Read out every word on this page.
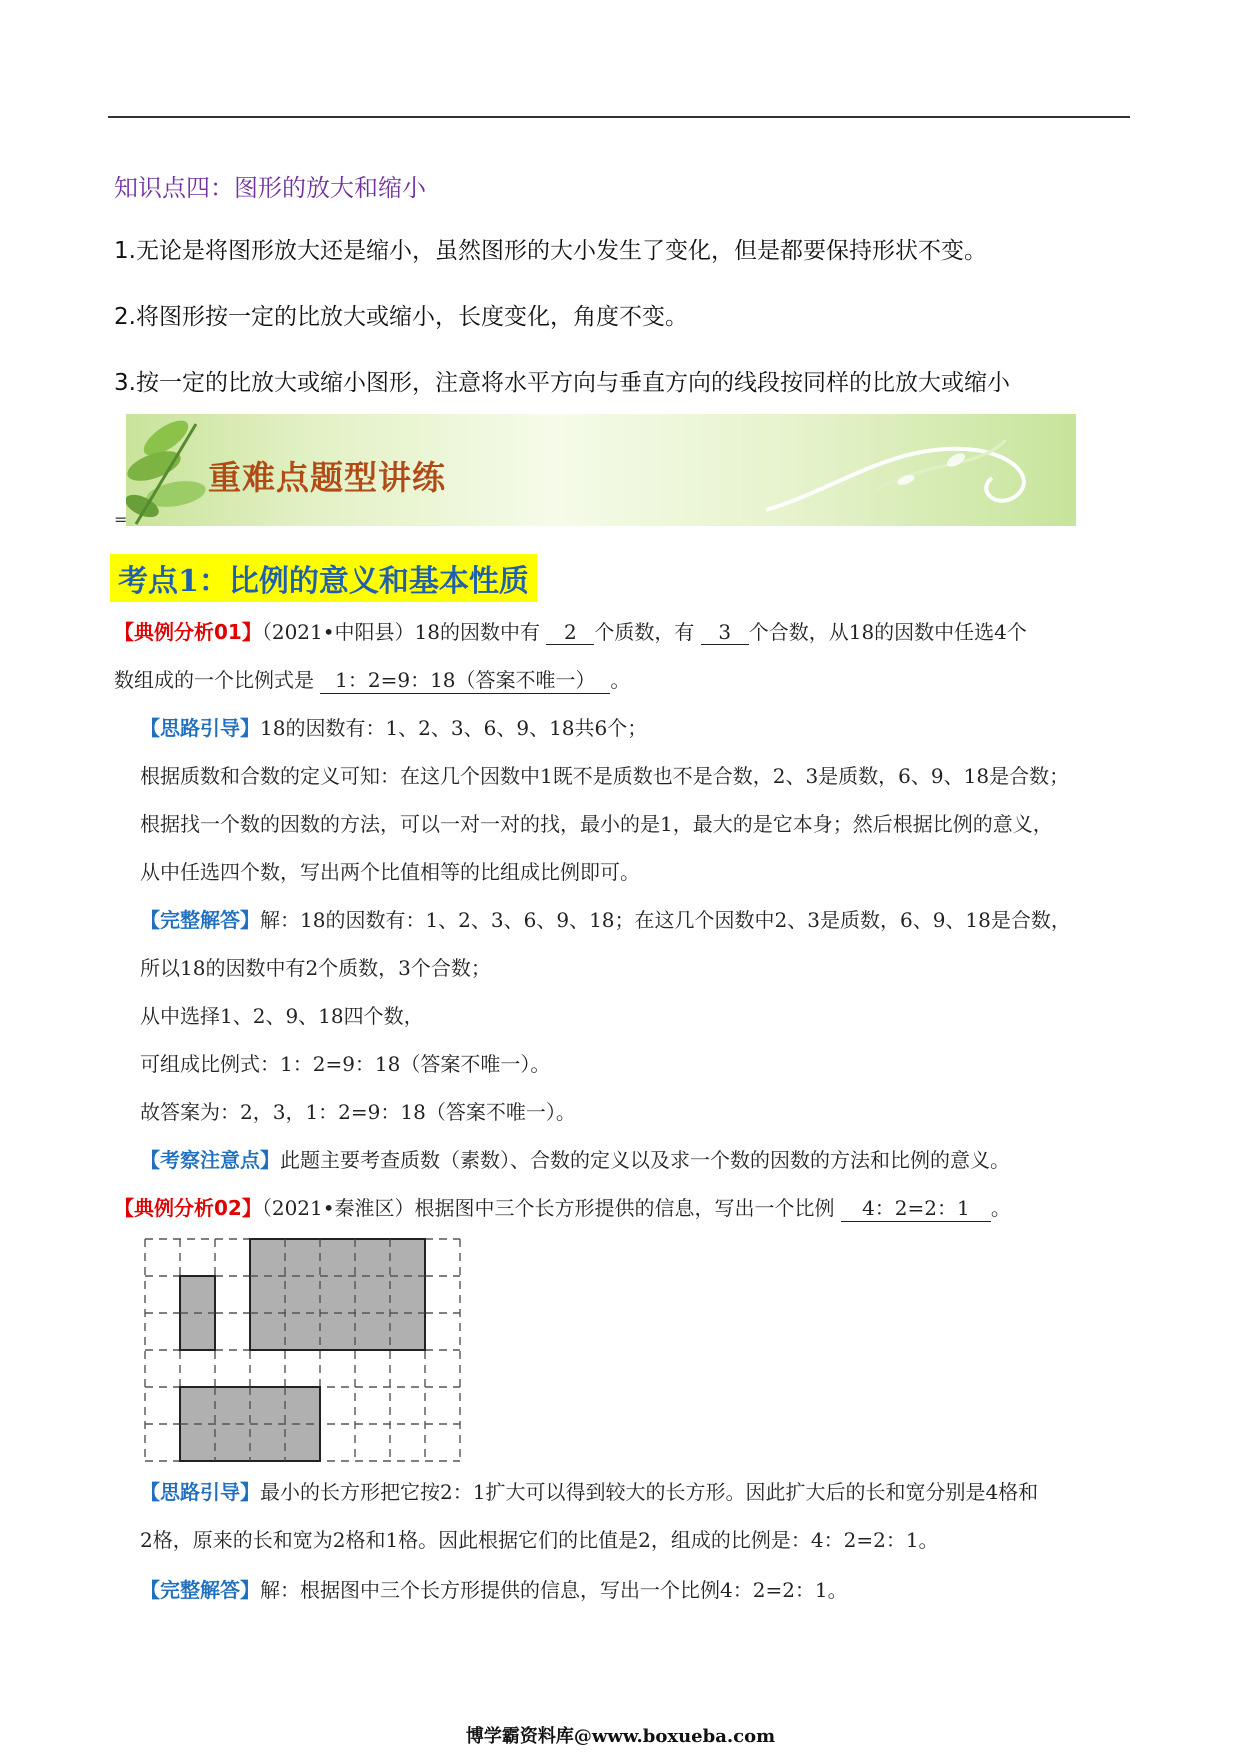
知识点四：图形的放大和缩小
1.无论是将图形放大还是缩小，虽然图形的大小发生了变化，但是都要保持形状不变。
2.将图形按一定的比放大或缩小，长度变化，角度不变。
3.按一定的比放大或缩小图形，注意将水平方向与垂直方向的线段按同样的比放大或缩小
重难点题型讲练
=
考点1：比例的意义和基本性质
【典例分析01】（2021•中阳县）18的因数中有 2 个质数，有 3 个合数，从18的因数中任选4个
数组成的一个比例式是 1：2=9：18（答案不唯一） 。
【思路引导】18的因数有：1、2、3、6、9、18共6个；
根据质数和合数的定义可知：在这几个因数中1既不是质数也不是合数，2、3是质数，6、9、18是合数；
根据找一个数的因数的方法，可以一对一对的找，最小的是1，最大的是它本身；然后根据比例的意义，
从中任选四个数，写出两个比值相等的比组成比例即可。
【完整解答】解：18的因数有：1、2、3、6、9、18；在这几个因数中2、3是质数，6、9、18是合数，
所以18的因数中有2个质数，3个合数；
从中选择1、2、9、18四个数，
可组成比例式：1：2=9：18（答案不唯一）。
故答案为：2，3，1：2=9：18（答案不唯一）。
【考察注意点】此题主要考查质数（素数）、合数的定义以及求一个数的因数的方法和比例的意义。
【典例分析02】（2021•秦淮区）根据图中三个长方形提供的信息，写出一个比例 4：2=2：1 。
【思路引导】最小的长方形把它按2：1扩大可以得到较大的长方形。因此扩大后的长和宽分别是4格和
2格，原来的长和宽为2格和1格。因此根据它们的比值是2，组成的比例是：4：2=2：1。
【完整解答】解：根据图中三个长方形提供的信息，写出一个比例4：2=2：1。
博学霸资料库@www.boxueba.com
